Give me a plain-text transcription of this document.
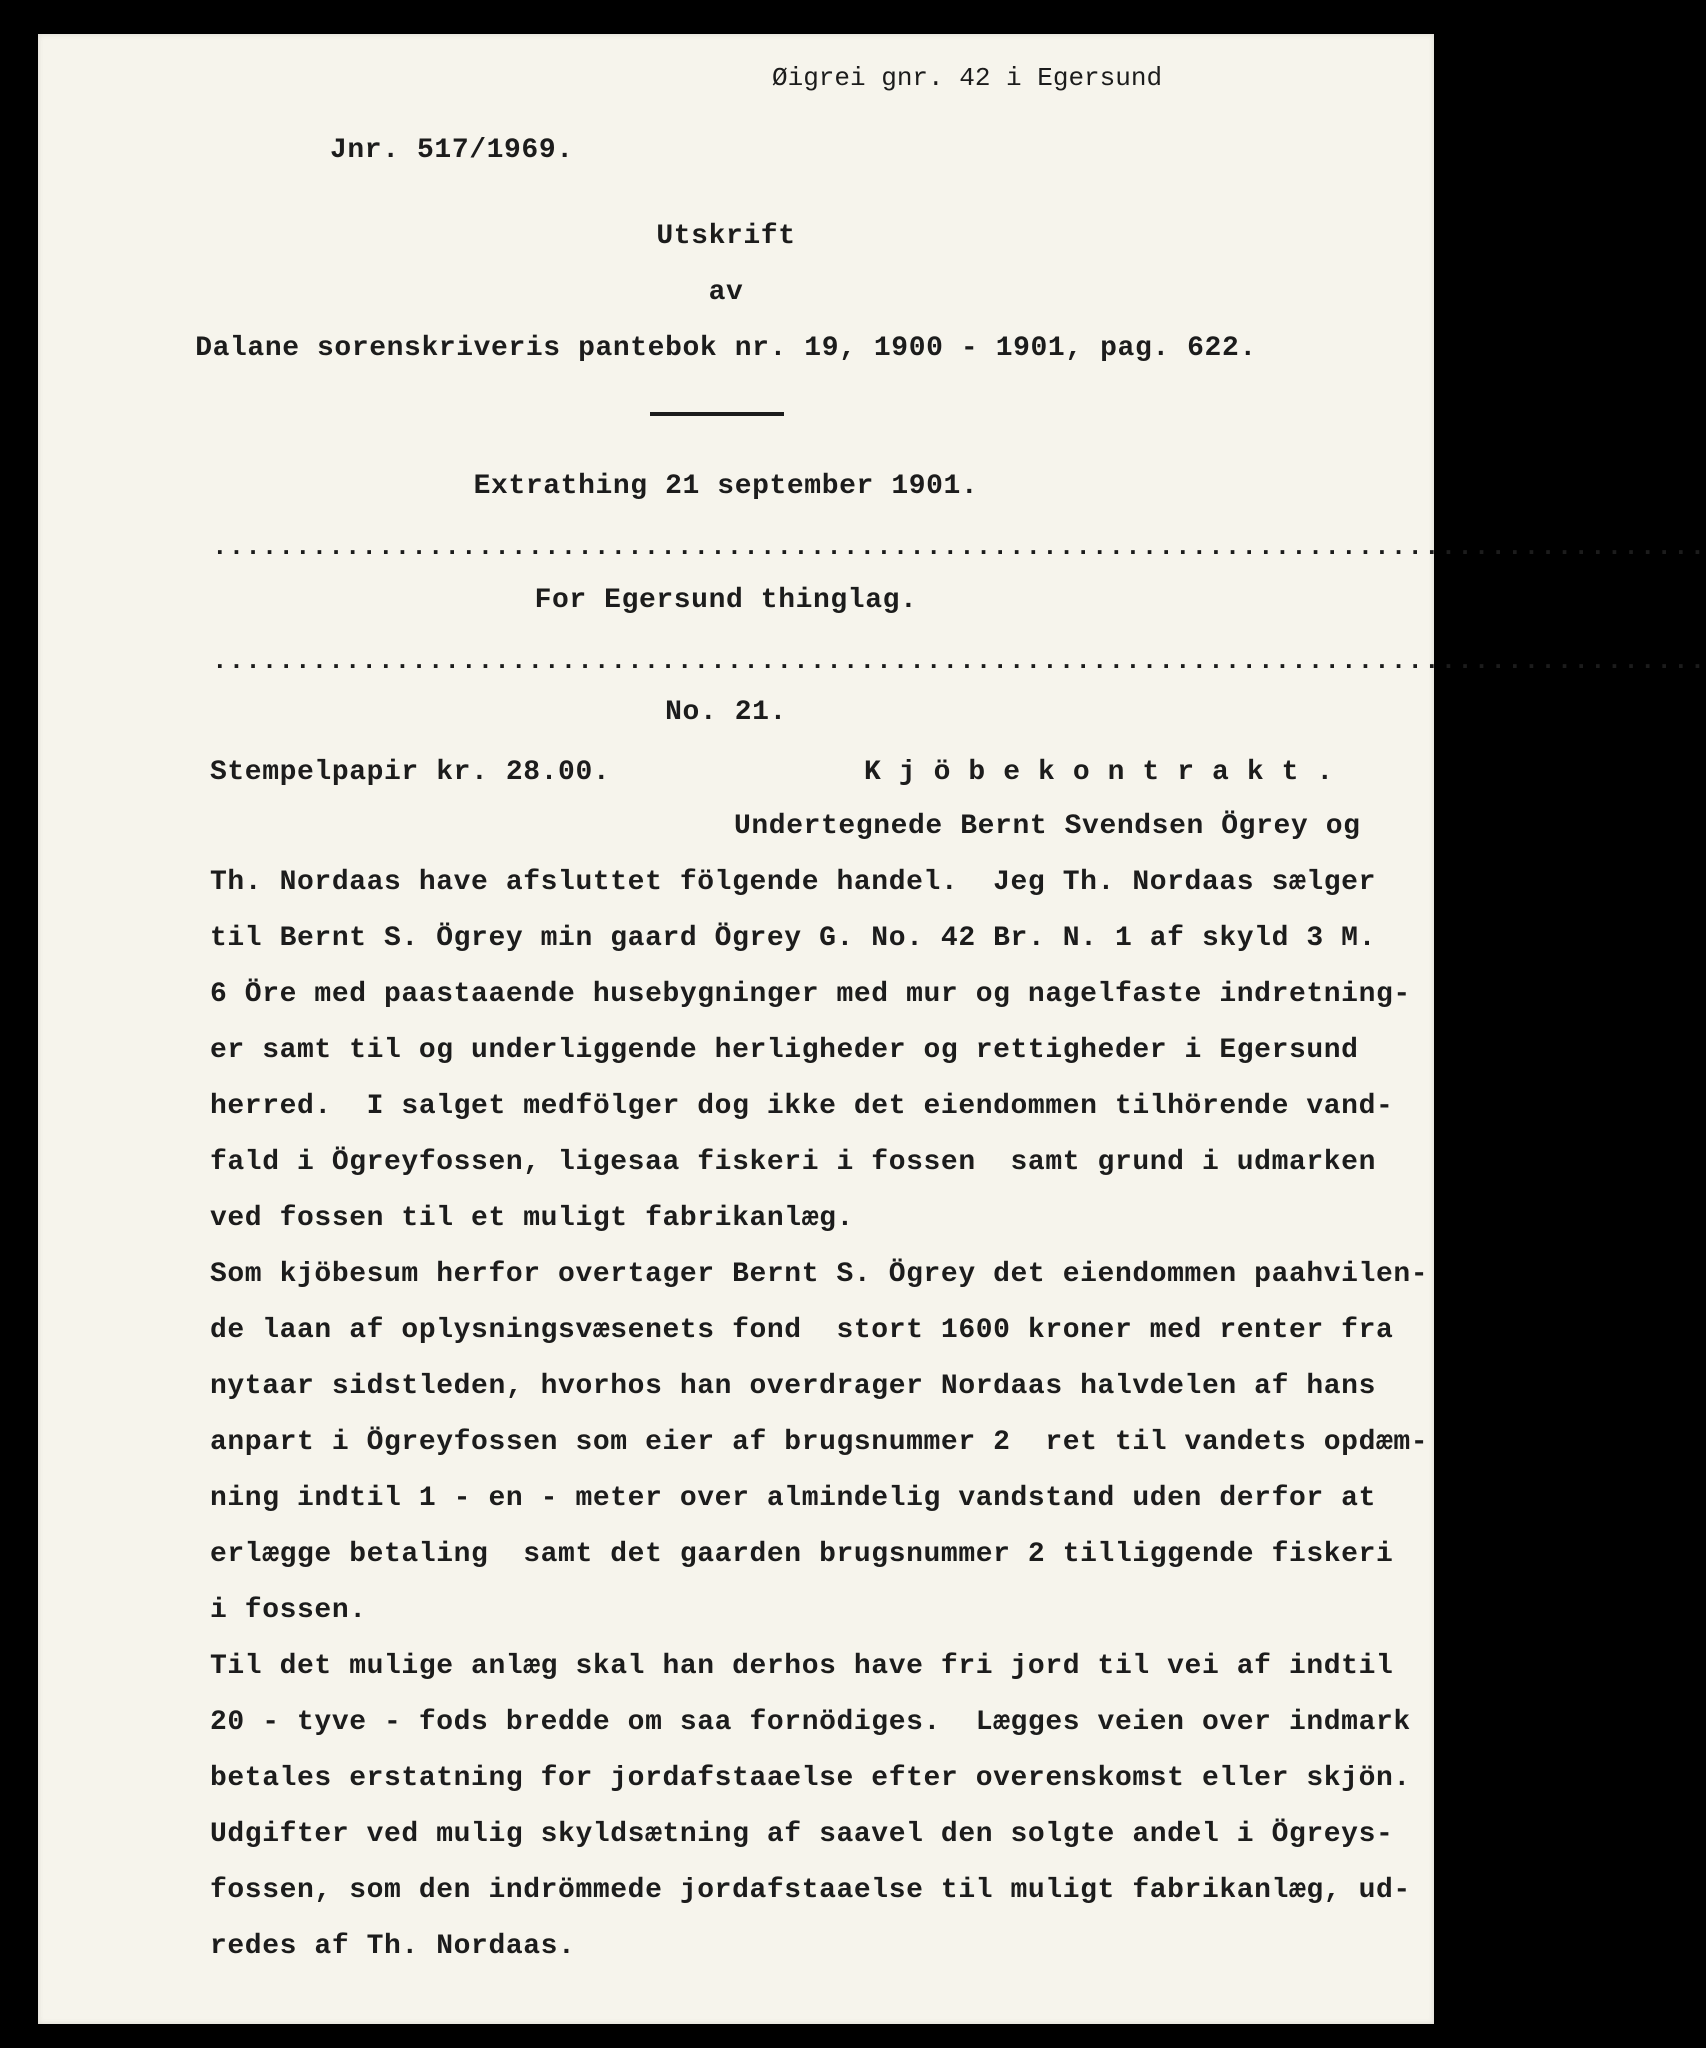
Øigrei gnr. 42 i Egersund
Jnr. 517/1969.
Utskrift
av
Dalane sorenskriveris pantebok nr. 19, 1900 - 1901, pag. 622.
Extrathing 21 september 1901.
..........................................................................................
For Egersund thinglag.
..........................................................................................
No. 21.
Stempelpapir kr. 28.00.	Kjöbekontrakt.
Undertegnede Bernt Svendsen Ögrey og
Th. Nordaas have afsluttet fölgende handel.  Jeg Th. Nordaas sælger
til Bernt S. Ögrey min gaard Ögrey G. No. 42 Br. N. 1 af skyld 3 M.
6 Öre med paastaaende husebygninger med mur og nagelfaste indretning-
er samt til og underliggende herligheder og rettigheder i Egersund
herred.  I salget medfölger dog ikke det eiendommen tilhörende vand-
fald i Ögreyfossen, ligesaa fiskeri i fossen  samt grund i udmarken
ved fossen til et muligt fabrikanlæg.
Som kjöbesum herfor overtager Bernt S. Ögrey det eiendommen paahvilen-
de laan af oplysningsvæsenets fond  stort 1600 kroner med renter fra
nytaar sidstleden, hvorhos han overdrager Nordaas halvdelen af hans
anpart i Ögreyfossen som eier af brugsnummer 2  ret til vandets opdæm-
ning indtil 1 - en - meter over almindelig vandstand uden derfor at
erlægge betaling  samt det gaarden brugsnummer 2 tilliggende fiskeri
i fossen.
Til det mulige anlæg skal han derhos have fri jord til vei af indtil
20 - tyve - fods bredde om saa fornödiges.  Lægges veien over indmark
betales erstatning for jordafstaaelse efter overenskomst eller skjön.
Udgifter ved mulig skyldsætning af saavel den solgte andel i Ögreys-
fossen, som den indrömmede jordafstaaelse til muligt fabrikanlæg, ud-
redes af Th. Nordaas.
